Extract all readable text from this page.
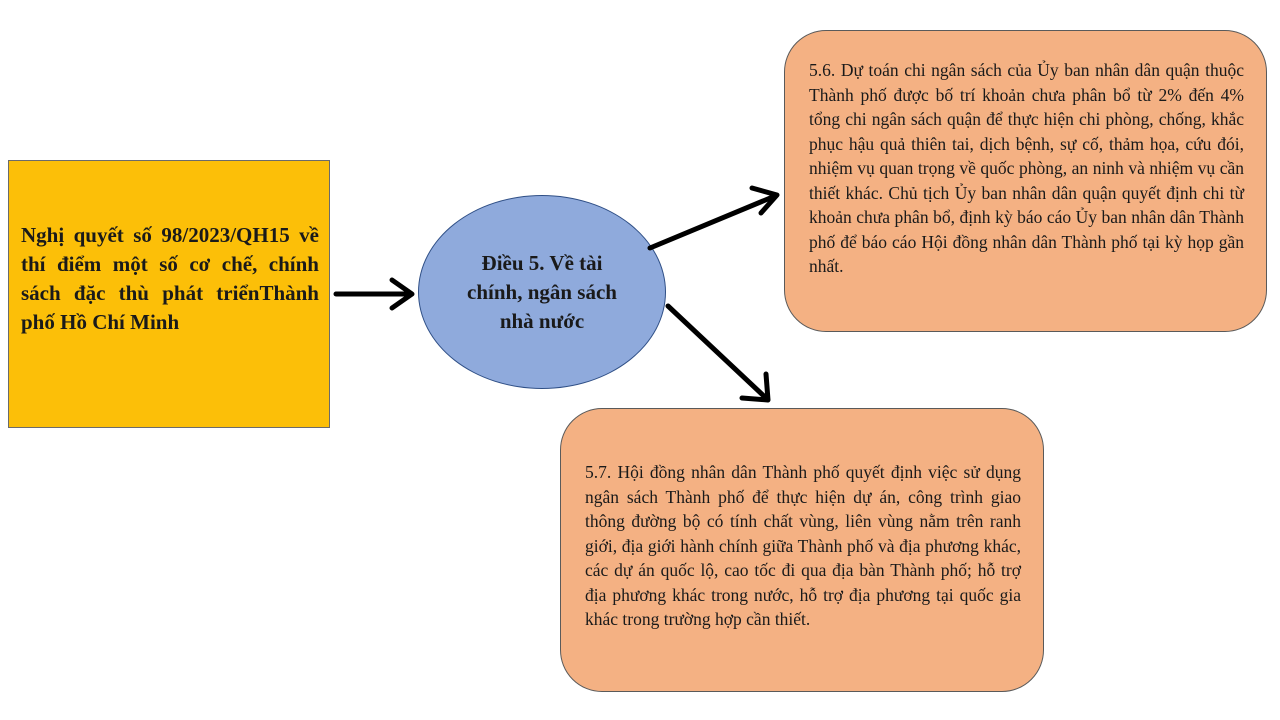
Nghị quyết số 98/2023/QH15 về thí điểm một số cơ chế, chính sách đặc thù phát triểnThành phố Hồ Chí Minh
Điều 5. Về tài chính, ngân sách nhà nước
5.6. Dự toán chi ngân sách của Ủy ban nhân dân quận thuộc Thành phố được bố trí khoản chưa phân bổ từ 2% đến 4% tổng chi ngân sách quận để thực hiện chi phòng, chống, khắc phục hậu quả thiên tai, dịch bệnh, sự cố, thảm họa, cứu đói, nhiệm vụ quan trọng về quốc phòng, an ninh và nhiệm vụ cần thiết khác. Chủ tịch Ủy ban nhân dân quận quyết định chi từ khoản chưa phân bổ, định kỳ báo cáo Ủy ban nhân dân Thành phố để báo cáo Hội đồng nhân dân Thành phố tại kỳ họp gần nhất.
5.7. Hội đồng nhân dân Thành phố quyết định việc sử dụng ngân sách Thành phố để thực hiện dự án, công trình giao thông đường bộ có tính chất vùng, liên vùng nằm trên ranh giới, địa giới hành chính giữa Thành phố và địa phương khác, các dự án quốc lộ, cao tốc đi qua địa bàn Thành phố; hỗ trợ địa phương khác trong nước, hỗ trợ địa phương tại quốc gia khác trong trường hợp cần thiết.
